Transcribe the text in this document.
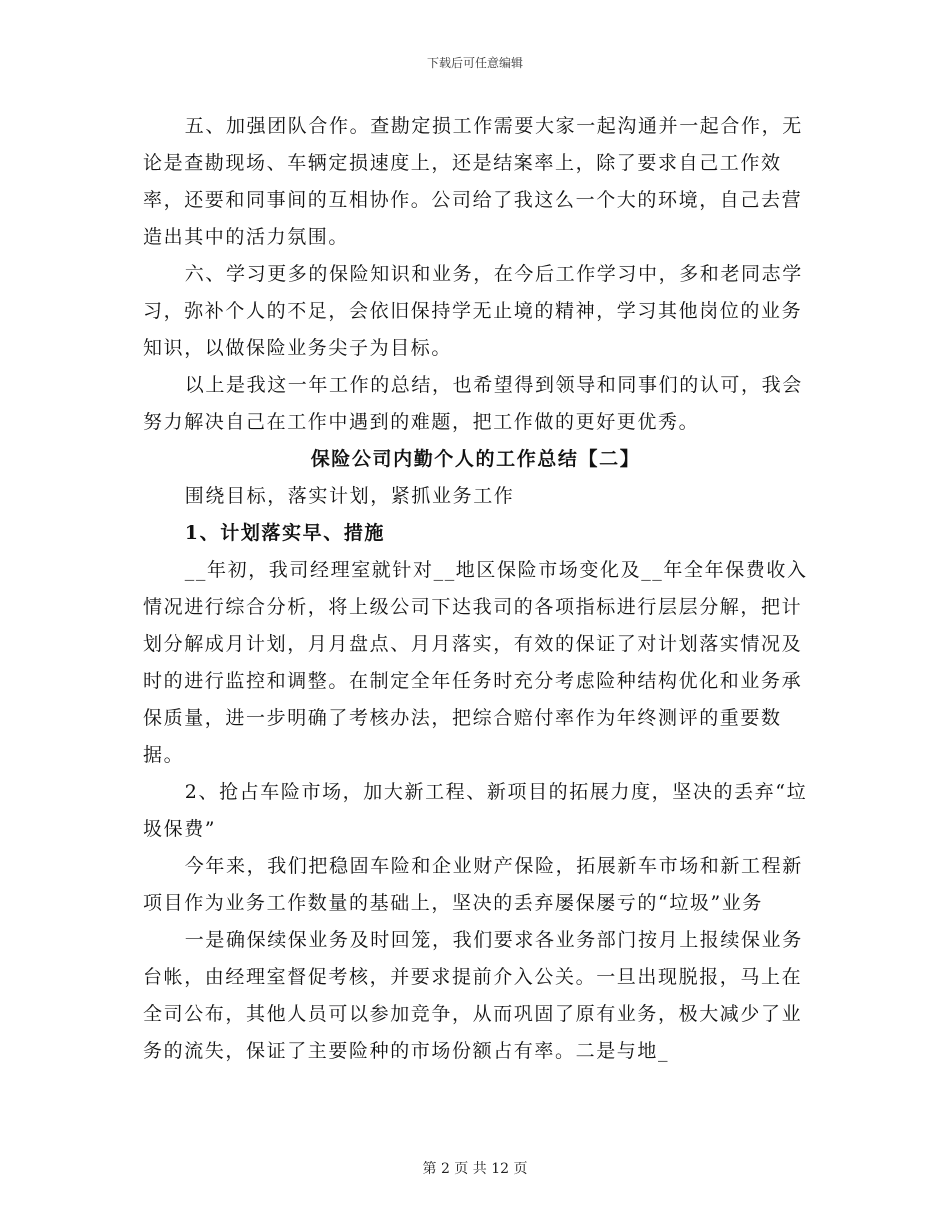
下载后可任意编辑

五、加强团队合作。查勘定损工作需要大家一起沟通并一起合作，无论是查勘现场、车辆定损速度上，还是结案率上，除了要求自己工作效率，还要和同事间的互相协作。公司给了我这么一个大的环境，自己去营造出其中的活力氛围。

六、学习更多的保险知识和业务，在今后工作学习中，多和老同志学习，弥补个人的不足，会依旧保持学无止境的精神，学习其他岗位的业务知识，以做保险业务尖子为目标。

以上是我这一年工作的总结，也希望得到领导和同事们的认可，我会努力解决自己在工作中遇到的难题，把工作做的更好更优秀。

保险公司内勤个人的工作总结【二】

围绕目标，落实计划，紧抓业务工作

1、计划落实早、措施

__年初，我司经理室就针对__地区保险市场变化及__年全年保费收入情况进行综合分析，将上级公司下达我司的各项指标进行层层分解，把计划分解成月计划，月月盘点、月月落实，有效的保证了对计划落实情况及时的进行监控和调整。在制定全年任务时充分考虑险种结构优化和业务承保质量，进一步明确了考核办法，把综合赔付率作为年终测评的重要数据。

2、抢占车险市场，加大新工程、新项目的拓展力度，坚决的丢弃“垃圾保费”

今年来，我们把稳固车险和企业财产保险，拓展新车市场和新工程新项目作为业务工作数量的基础上，坚决的丢弃屡保屡亏的“垃圾”业务

一是确保续保业务及时回笼，我们要求各业务部门按月上报续保业务台帐，由经理室督促考核，并要求提前介入公关。一旦出现脱报，马上在全司公布，其他人员可以参加竞争，从而巩固了原有业务，极大减少了业务的流失，保证了主要险种的市场份额占有率。二是与地_

第 2 页 共 12 页
